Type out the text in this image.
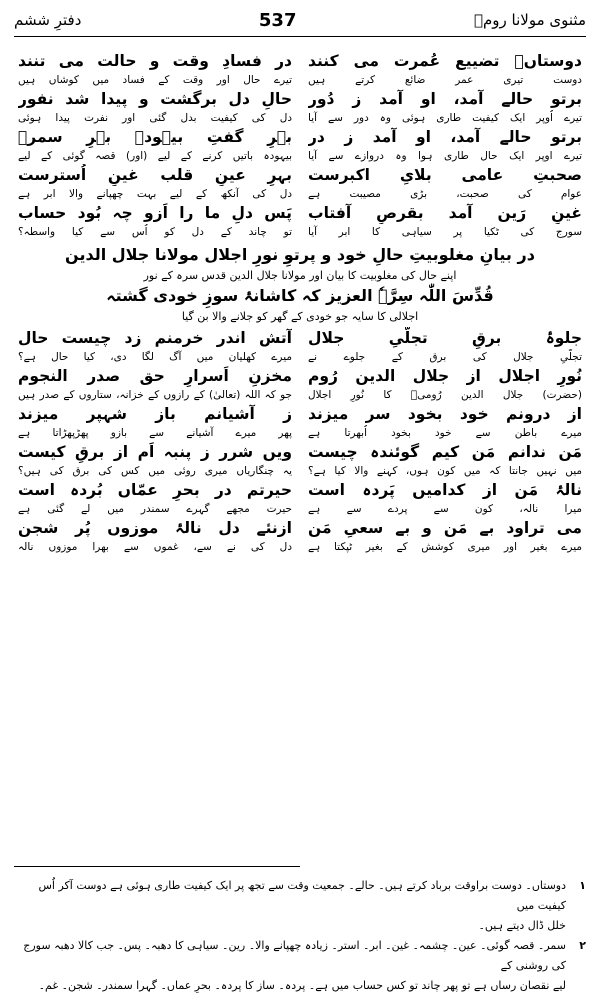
مثنوی مولانا رومؒ
537
دفترِ ششم
دوستاںؐ تضییع عُمرت می کنند
دوست تیری عمر ضائع کرتے ہیں
در فسادِ وقت و حالت می تنند
تیرے حال اور وقت کے فساد میں کوشاں ہیں
برتو حالے آمد، او آمد ز دُور
تیرے اُوپر ایک کیفیت طاری ہوئی وہ دور سے آیا
حالِ دل برگشت و پیدا شد نفور
دل کی کیفیت بدل گئی اور نفرت پیدا ہوئی
برتو حالے آمد، او آمد ز در
تیرے اوپر ایک حال طاری ہوا وہ دروازے سے آیا
بہرِ گفتِ بیہودہ بہرِ سمرؐ
بیہودہ باتیں کرنے کے لیے (اور) قصہ گوئی کے لیے
صحبتِ عامی بلایِ اکبرست
عوام کی صحبت، بڑی مصیبت ہے
بہرِ عینِ قلب غینِ اُسترست
دل کی آنکھ کے لیے بہت چھپانے والا ابر ہے
غینِ رَین آمد بقرصِ آفتاب
سورج کی ٹکیا پر سیاہی کا ابر آیا
پَس دلِ ما را اَزو چہ بُود حساب
تو چاند کے دل کو اُس سے کیا واسطہ؟
در بیانِ مغلوبیتِ حالِ خود و پرتوِ نورِ اجلال مولانا جلال الدین
اپنے حال کی مغلوبیت کا بیان اور مولانا جلال الدین قدس سرہ کے نور
قُدِّسَ اللّٰہ سِرَّہٗ العزیز کہ کاشانۂ سوزِ خودی گشتہ
اجلالی کا سایہ جو خودی کے گھر کو جلانے والا بن گیا
جلوۂ برقِ تجلّیِ جلال
تجلّیِ جلال کی برق کے جلوے نے
آتش اندر خرمنم زد چیست حال
میرے کھلیان میں آگ لگا دی، کیا حال ہے؟
نُورِ اجلال از جلال الدین رُوم
(حضرت) جلال الدین رُومیؒ کا نُورِ اجلال
مخزنِ اَسرارِ حق صدر النجوم
جو کہ اللہ (تعالیٰ) کے رازوں کے خزانہ، ستاروں کے صدر ہیں
از درونم خود بخود سر میزند
میرے باطن سے خود بخود اُبھرتا ہے
ز آشیانم باز شہپر میزند
پھر میرے آشیانے سے بازو پھڑپھڑاتا ہے
مَن ندانم مَن کیم گوئندہ چیست
میں نہیں جانتا کہ میں کون ہوں، کہنے والا کیا ہے؟
ویں شرر ز پنبہ اَم از برقِ کیست
یہ چنگاریاں میری روئی میں کس کی برق کی ہیں؟
نالۂ مَن از کدامیں پَردہ است
میرا نالہ، کون سے پردے سے ہے
حیرتم در بحرِ عمّاں بُردہ است
حیرت مجھے گہرے سمندر میں لے گئی ہے
می تراود بے مَن و بے سعیِ مَن
میرے بغیر اور میری کوشش کے بغیر ٹپکتا ہے
ازنئے دل نالۂ موزوں پُر شجن
دل کی نے سے، غموں سے بھرا موزوں نالہ
۱
دوستاں۔ دوست براوقت برباد کرتے ہیں۔ حالے۔ جمعیت وقت سے تجھ پر ایک کیفیت طاری ہوئی ہے دوست آکر اُس کیفیت میں
خلل ڈال دیتے ہیں۔
۲
سمر۔ قصہ گوئی۔ عین۔ چشمہ۔ غین۔ ابر۔ استر۔ زیادہ چھپانے والا۔ رین۔ سیاہی کا دھبہ۔ پس۔ جب کالا دھبہ سورج کی روشنی کے
لیے نقصان رساں ہے تو پھر چاند تو کس حساب میں ہے۔ پردہ۔ ساز کا پردہ۔ بحرِ عماں۔ گہرا سمندر۔ شجن۔ غم۔
